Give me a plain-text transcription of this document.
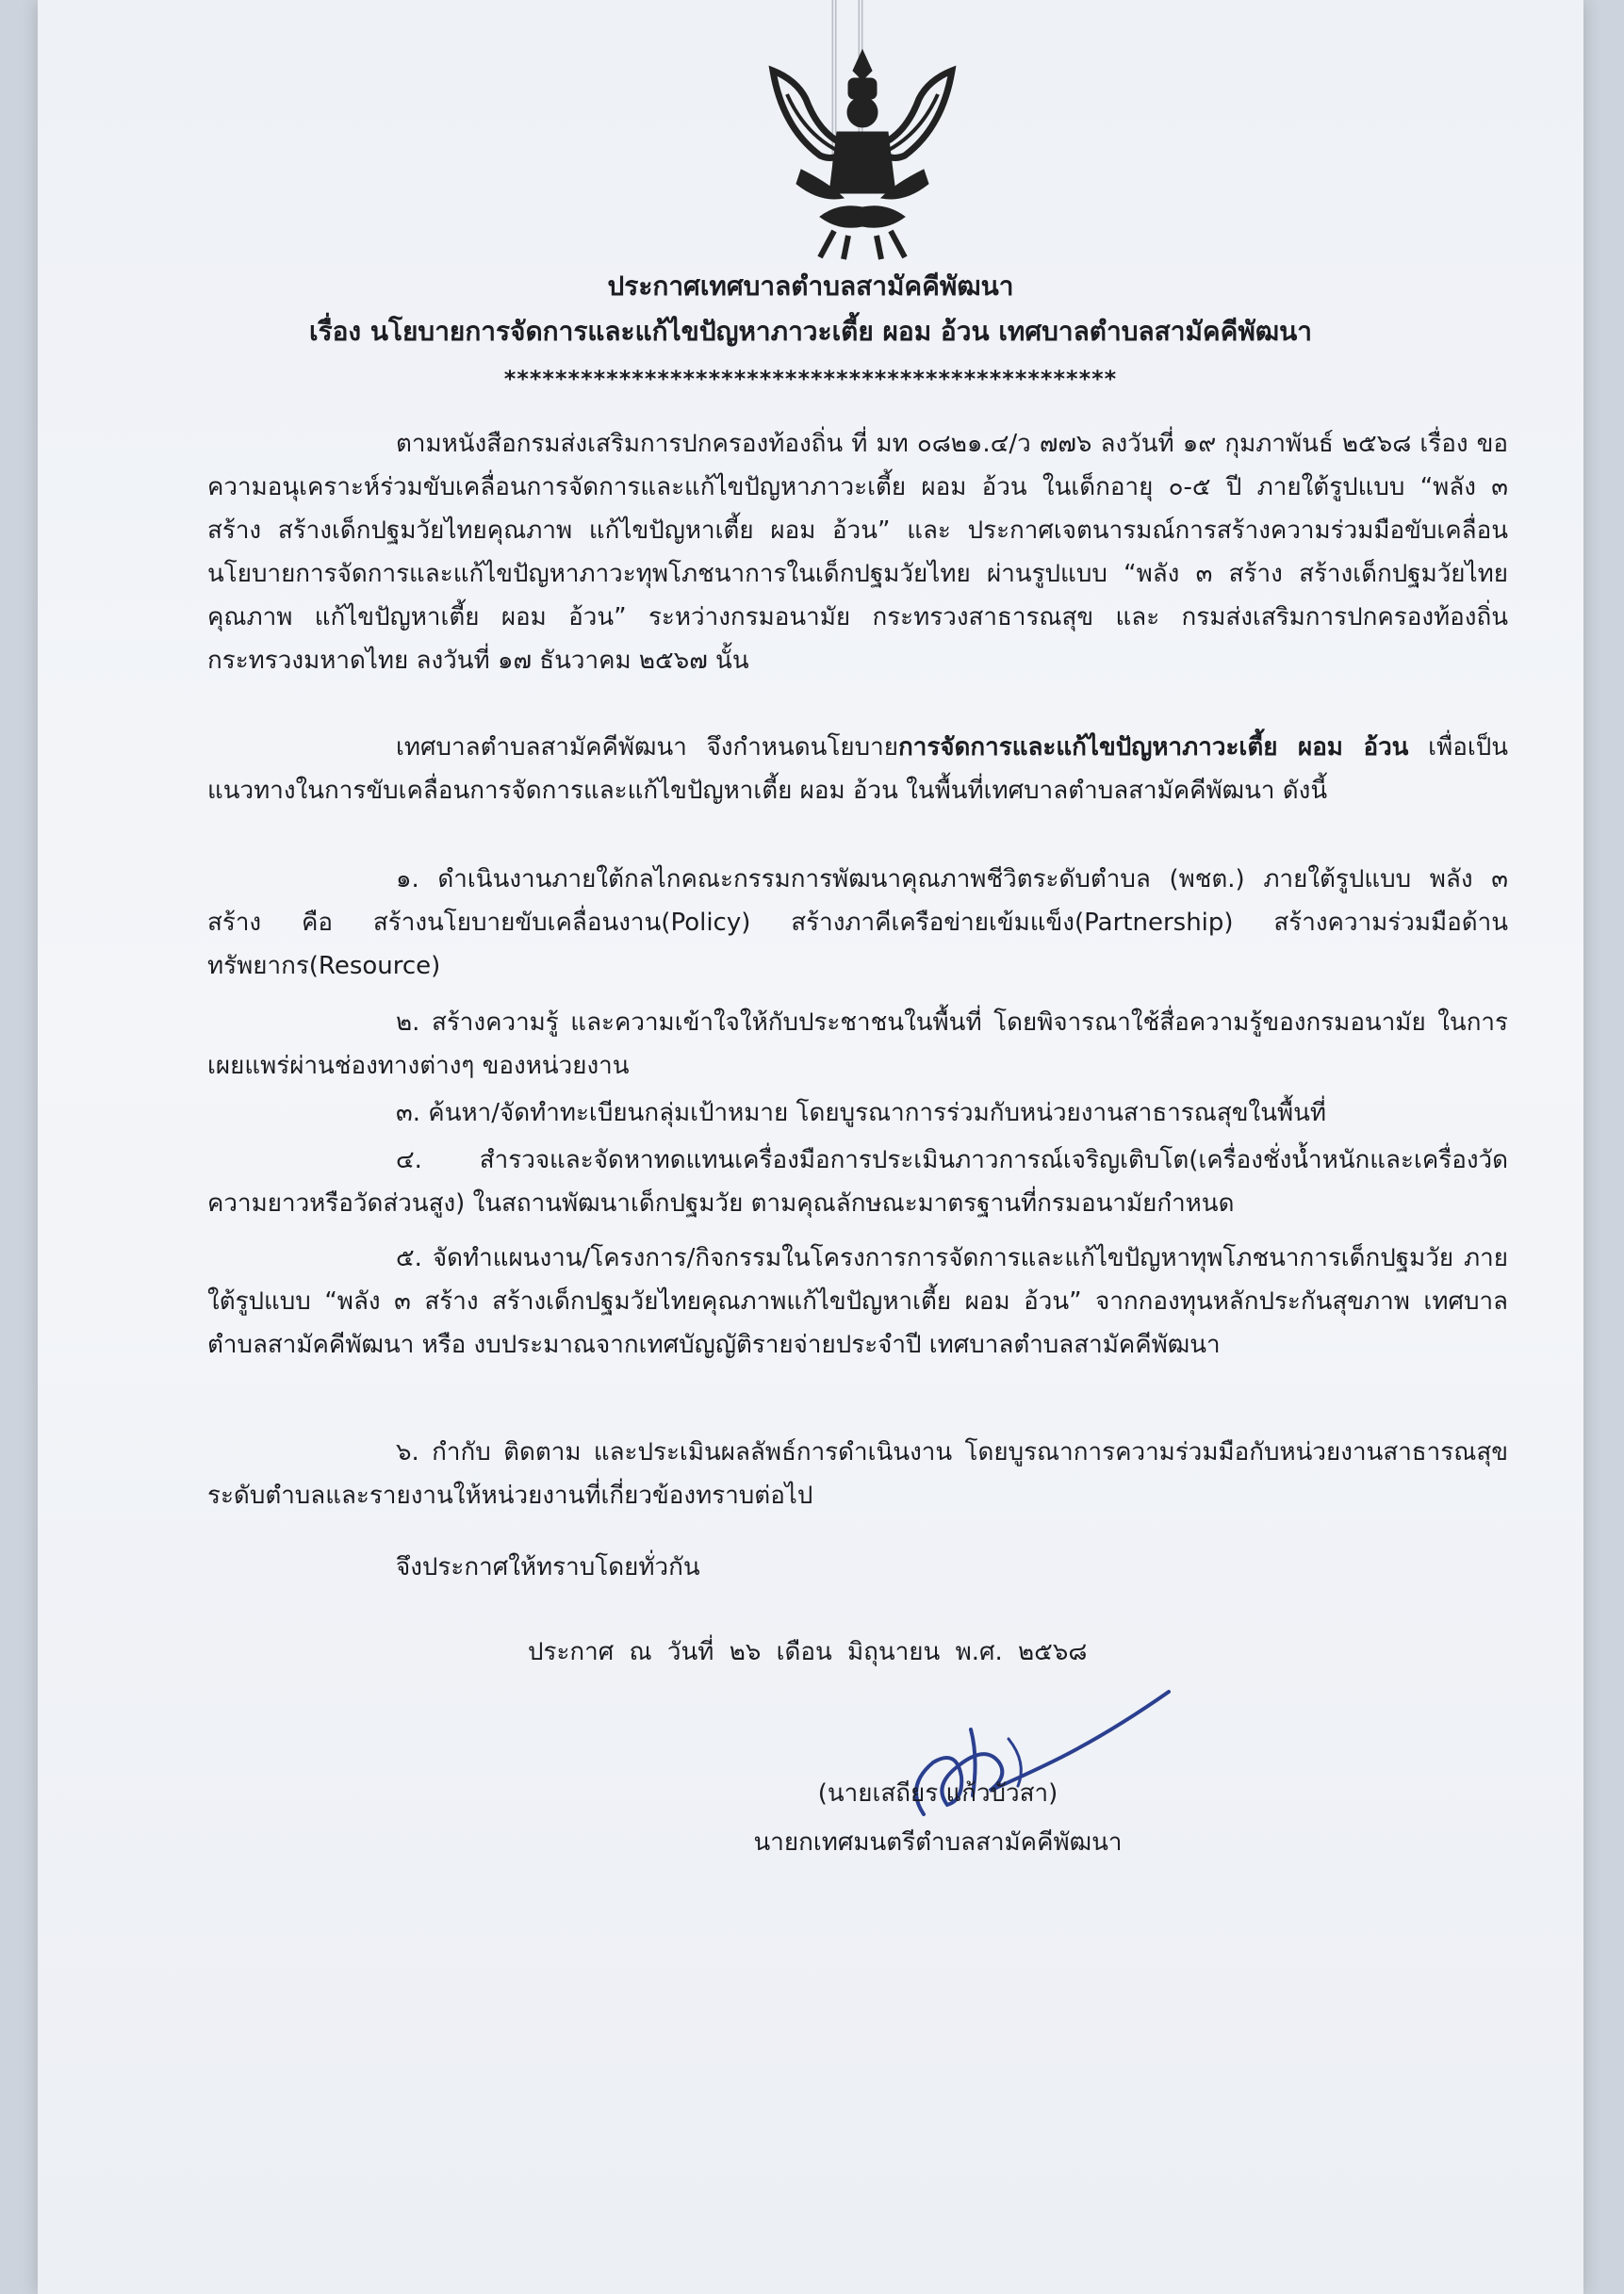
ประกาศเทศบาลตำบลสามัคคีพัฒนา
เรื่อง นโยบายการจัดการและแก้ไขปัญหาภาวะเตี้ย ผอม อ้วน เทศบาลตำบลสามัคคีพัฒนา
************************************************
ตามหนังสือกรมส่งเสริมการปกครองท้องถิ่น ที่ มท ๐๘๒๑.๔/ว ๗๗๖ ลงวันที่ ๑๙ กุมภาพันธ์ ๒๕๖๘ เรื่อง ขอความอนุเคราะห์ร่วมขับเคลื่อนการจัดการและแก้ไขปัญหาภาวะเตี้ย ผอม อ้วน ในเด็กอายุ ๐-๕ ปี ภายใต้รูปแบบ “พลัง ๓ สร้าง สร้างเด็กปฐมวัยไทยคุณภาพ แก้ไขปัญหาเตี้ย ผอม อ้วน” และ ประกาศเจตนารมณ์การสร้างความร่วมมือขับเคลื่อนนโยบายการจัดการและแก้ไขปัญหาภาวะทุพโภชนาการในเด็กปฐมวัยไทย ผ่านรูปแบบ “พลัง ๓ สร้าง สร้างเด็กปฐมวัยไทยคุณภาพ แก้ไขปัญหาเตี้ย ผอม อ้วน” ระหว่างกรมอนามัย กระทรวงสาธารณสุข และ กรมส่งเสริมการปกครองท้องถิ่น กระทรวงมหาดไทย ลงวันที่ ๑๗ ธันวาคม ๒๕๖๗ นั้น
เทศบาลตำบลสามัคคีพัฒนา จึงกำหนดนโยบายการจัดการและแก้ไขปัญหาภาวะเตี้ย ผอม อ้วน เพื่อเป็นแนวทางในการขับเคลื่อนการจัดการและแก้ไขปัญหาเตี้ย ผอม อ้วน ในพื้นที่เทศบาลตำบลสามัคคีพัฒนา ดังนี้
๑. ดำเนินงานภายใต้กลไกคณะกรรมการพัฒนาคุณภาพชีวิตระดับตำบล (พชต.) ภายใต้รูปแบบ พลัง ๓ สร้าง คือ สร้างนโยบายขับเคลื่อนงาน(Policy) สร้างภาคีเครือข่ายเข้มแข็ง(Partnership) สร้างความร่วมมือด้านทรัพยากร(Resource)
๒. สร้างความรู้ และความเข้าใจให้กับประชาชนในพื้นที่ โดยพิจารณาใช้สื่อความรู้ของกรมอนามัย ในการเผยแพร่ผ่านช่องทางต่างๆ ของหน่วยงาน
๓. ค้นหา/จัดทำทะเบียนกลุ่มเป้าหมาย โดยบูรณาการร่วมกับหน่วยงานสาธารณสุขในพื้นที่
๔. สำรวจและจัดหาทดแทนเครื่องมือการประเมินภาวการณ์เจริญเติบโต(เครื่องชั่งน้ำหนักและเครื่องวัดความยาวหรือวัดส่วนสูง) ในสถานพัฒนาเด็กปฐมวัย ตามคุณลักษณะมาตรฐานที่กรมอนามัยกำหนด
๕. จัดทำแผนงาน/โครงการ/กิจกรรมในโครงการการจัดการและแก้ไขปัญหาทุพโภชนาการเด็กปฐมวัย ภายใต้รูปแบบ “พลัง ๓ สร้าง สร้างเด็กปฐมวัยไทยคุณภาพแก้ไขปัญหาเตี้ย ผอม อ้วน” จากกองทุนหลักประกันสุขภาพ เทศบาลตำบลสามัคคีพัฒนา หรือ งบประมาณจากเทศบัญญัติรายจ่ายประจำปี เทศบาลตำบลสามัคคีพัฒนา
๖. กำกับ ติดตาม และประเมินผลลัพธ์การดำเนินงาน โดยบูรณาการความร่วมมือกับหน่วยงานสาธารณสุขระดับตำบลและรายงานให้หน่วยงานที่เกี่ยวข้องทราบต่อไป
จึงประกาศให้ทราบโดยทั่วกัน
ประกาศ ณ วันที่ ๒๖ เดือน มิถุนายน พ.ศ. ๒๕๖๘
(นายเสถียร แก้วบัวสา)
นายกเทศมนตรีตำบลสามัคคีพัฒนา
